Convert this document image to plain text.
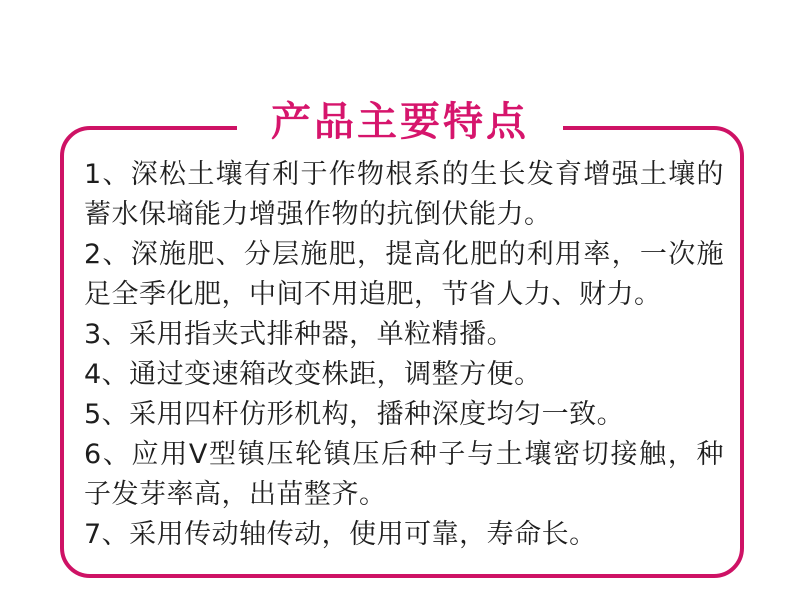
产品主要特点

1、深松土壤有利于作物根系的生长发育增强土壤的蓄水保墒能力增强作物的抗倒伏能力。

2、深施肥、分层施肥，提高化肥的利用率，一次施足全季化肥，中间不用追肥，节省人力、财力。

3、采用指夹式排种器，单粒精播。

4、通过变速箱改变株距，调整方便。

5、采用四杆仿形机构，播种深度均匀一致。

6、应用V型镇压轮镇压后种子与土壤密切接触，种子发芽率高，出苗整齐。

7、采用传动轴传动，使用可靠，寿命长。
